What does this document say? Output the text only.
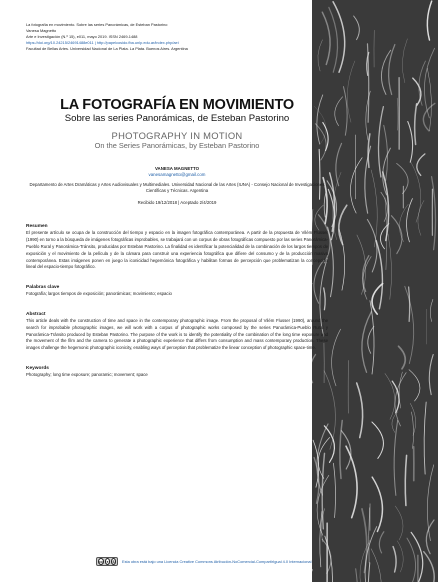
La fotografía en movimiento. Sobre las series Panorámicas, de Esteban Pastorino
Vanesa Magnetto
Arte e Investigación (N.º 15), e011, mayo 2019. ISSN 2469-1488
https://doi.org/10.24215/24691488e011 | http://papelcosido.fba.unlp.edu.ar/index.php/aei
Facultad de Bellas Artes. Universidad Nacional de La Plata. La Plata. Buenos Aires. Argentina
LA FOTOGRAFÍA EN MOVIMIENTO
Sobre las series Panorámicas, de Esteban Pastorino
PHOTOGRAPHY IN MOTION
On the Series Panorámicas, by Esteban Pastorino
VANESA MAGNETTO
vanesamagnetto@gmail.com
Departamento de Artes Dramáticas y Artes Audiovisuales y Multimediales. Universidad Nacional de las Artes (IUNA) - Consejo Nacional de Investigaciones Científicas y Técnicas. Argentina
Recibido 19/12/2018 | Aceptado 2/4/2019
Resumen
El presente artículo se ocupa de la construcción del tiempo y espacio en la imagen fotográfica contemporánea. A partir de la propuesta de Vilém Flusser (1990) en torno a la búsqueda de imágenes fotográficas improbables, se trabajará con un corpus de obras fotográficas compuesto por las series Panorámica-Pueblo Rural y Panorámica-Tránsito, producidas por Esteban Pastorino. La finalidad es identificar la potencialidad de la combinación de los largos tiempos de exposición y el movimiento de la película y de la cámara para construir una experiencia fotográfica que difiere del consumo y de la producción masiva contemporánea. Estas imágenes ponen en juego la iconicidad hegemónica fotográfica y habilitan formas de percepción que problematizan la concepción lineal del espacio-tiempo fotográfico.
Palabras clave
Fotografía; largos tiempos de exposición; panorámicas; movimiento; espacio
Abstract
This article deals with the construction of time and space in the contemporary photographic image. From the proposal of Vilém Flusser (1990), around the search for improbable photographic images, we will work with a corpus of photographic works composed by the series Panorámica-Pueblo Rural y Panorámica-Tránsito produced by Esteban Pastorino. The purpose of the work is to identify the potentiality of the combination of the long time exposure and the movement of the film and the camera to generate a photographic experience that differs from consumption and mass contemporary production. These images challenge the hegemonic photographic iconicity, enabling ways of perception that problematize the linear conception of photographic space-time.
Keywords
Photography; long time exposure; panoramic; movement; space
cc ●	$	Esta obra está bajo una Licencia Creative Commons Atribución-NoComercial-CompartirIgual 4.0 Internacional
